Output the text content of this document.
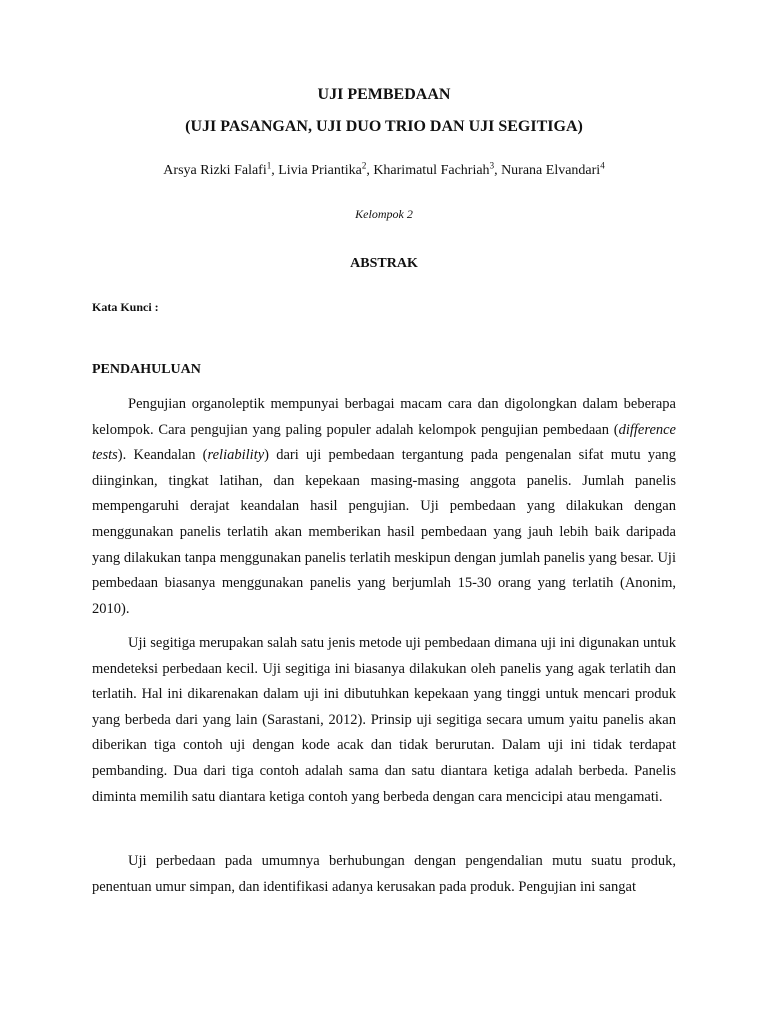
UJI PEMBEDAAN
(UJI PASANGAN, UJI DUO TRIO DAN UJI SEGITIGA)
Arsya Rizki Falafi$^1$, Livia Priantika$^2$, Kharimatul Fachriah$^3$, Nurana Elvandari$^4$
Kelompok 2
ABSTRAK
Kata Kunci :
PENDAHULUAN

Pengujian organoleptik mempunyai berbagai macam cara dan digolongkan dalam beberapa kelompok. Cara pengujian yang paling populer adalah kelompok pengujian pembedaan (difference tests). Keandalan (reliability) dari uji pembedaan tergantung pada pengenalan sifat mutu yang diinginkan, tingkat latihan, dan kepekaan masing-masing anggota panelis. Jumlah panelis mempengaruhi derajat keandalan hasil pengujian. Uji pembedaan yang dilakukan dengan menggunakan panelis terlatih akan memberikan hasil pembedaan yang jauh lebih baik daripada yang dilakukan tanpa menggunakan panelis terlatih meskipun dengan jumlah panelis yang besar. Uji pembedaan biasanya menggunakan panelis yang berjumlah 15-30 orang yang terlatih (Anonim, 2010).

Uji segitiga merupakan salah satu jenis metode uji pembedaan dimana uji ini digunakan untuk mendeteksi perbedaan kecil. Uji segitiga ini biasanya dilakukan oleh panelis yang agak terlatih dan terlatih. Hal ini dikarenakan dalam uji ini dibutuhkan kepekaan yang tinggi untuk mencari produk yang berbeda dari yang lain (Sarastani, 2012). Prinsip uji segitiga secara umum yaitu panelis akan diberikan tiga contoh uji dengan kode acak dan tidak berurutan. Dalam uji ini tidak terdapat pembanding. Dua dari tiga contoh adalah sama dan satu diantara ketiga adalah berbeda. Panelis diminta memilih satu diantara ketiga contoh yang berbeda dengan cara mencicipi atau mengamati.

Uji perbedaan pada umumnya berhubungan dengan pengendalian mutu suatu produk, penentuan umur simpan, dan identifikasi adanya kerusakan pada produk. Pengujian ini sangat
